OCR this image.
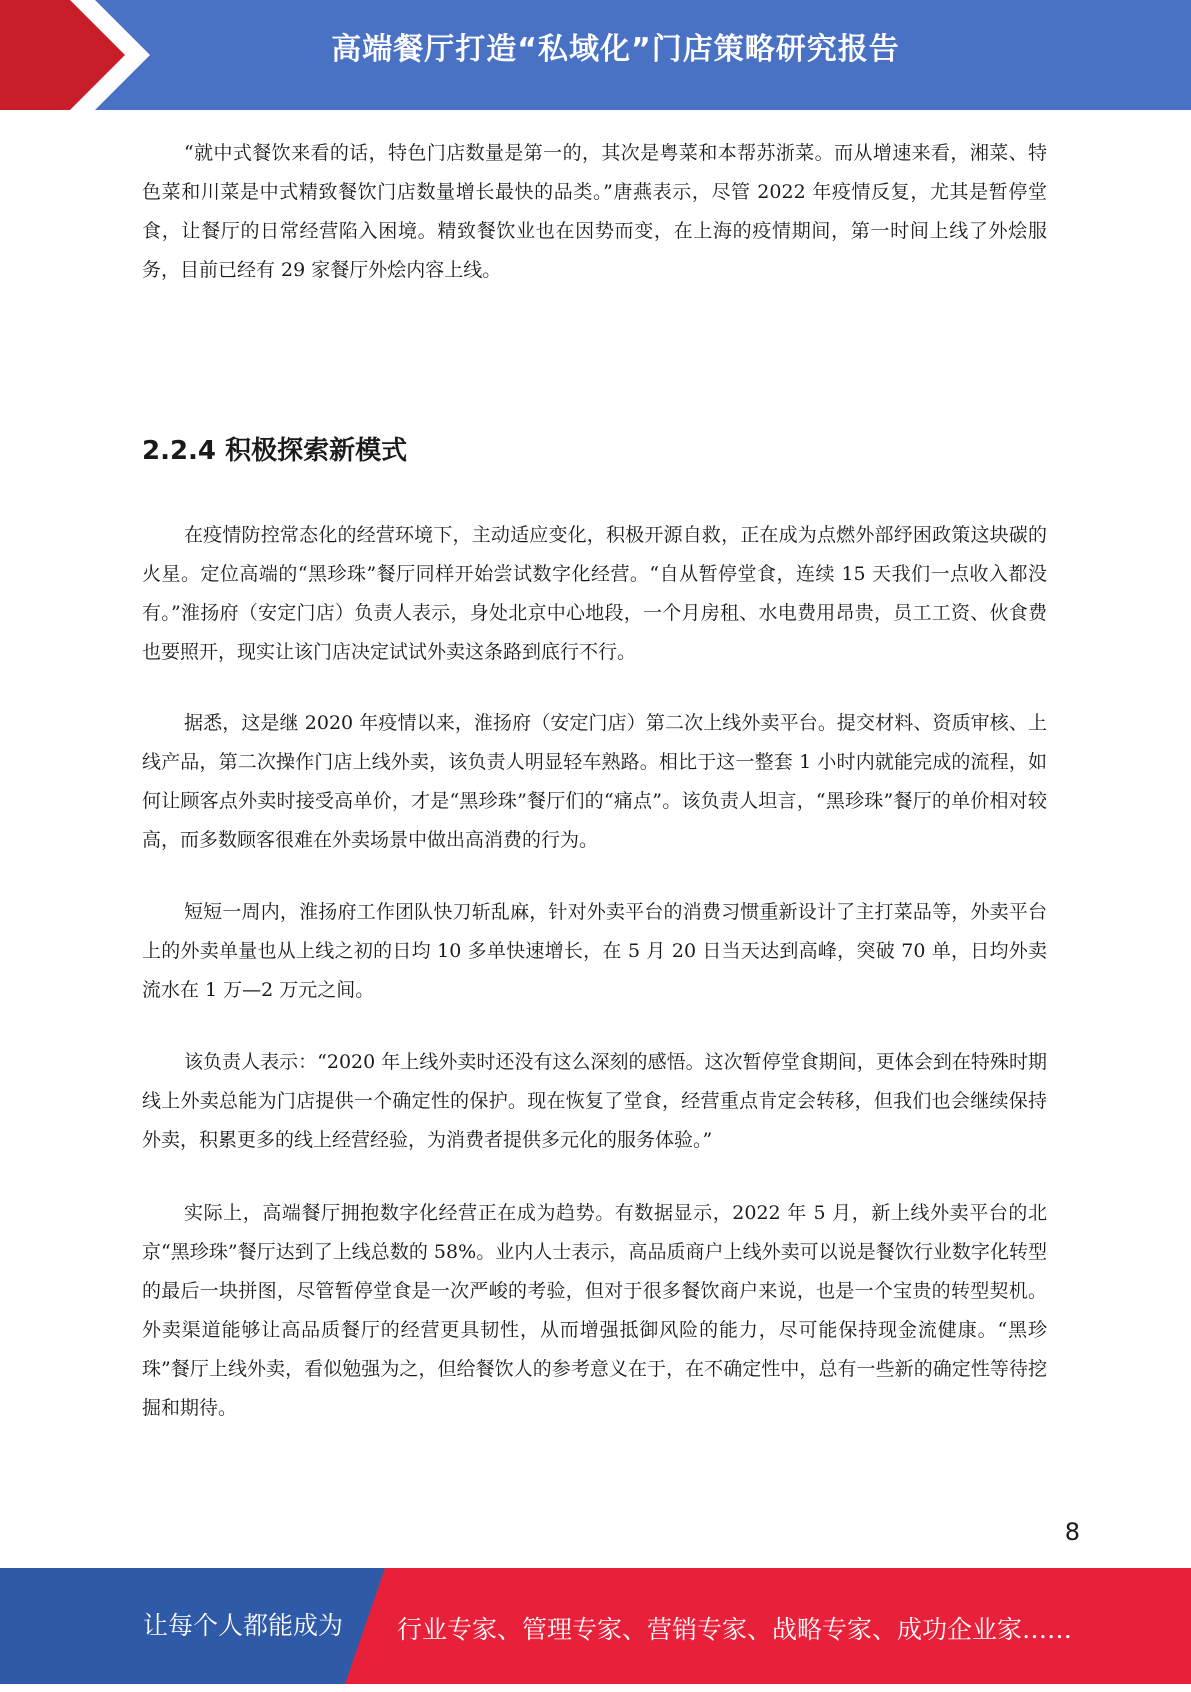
高端餐厅打造“私域化”门店策略研究报告

“就中式餐饮来看的话，特色门店数量是第一的，其次是粤菜和本帮苏浙菜。而从增速来看，湘菜、特色菜和川菜是中式精致餐饮门店数量增长最快的品类。”唐燕表示，尽管 2022 年疫情反复，尤其是暂停堂食，让餐厅的日常经营陷入困境。精致餐饮业也在因势而变，在上海的疫情期间，第一时间上线了外烩服务，目前已经有 29 家餐厅外烩内容上线。

2.2.4 积极探索新模式

在疫情防控常态化的经营环境下，主动适应变化，积极开源自救，正在成为点燃外部纾困政策这块碳的火星。定位高端的“黑珍珠”餐厅同样开始尝试数字化经营。“自从暂停堂食，连续 15 天我们一点收入都没有。”淮扬府（安定门店）负责人表示，身处北京中心地段，一个月房租、水电费用昂贵，员工工资、伙食费也要照开，现实让该门店决定试试外卖这条路到底行不行。

据悉，这是继 2020 年疫情以来，淮扬府（安定门店）第二次上线外卖平台。提交材料、资质审核、上线产品，第二次操作门店上线外卖，该负责人明显轻车熟路。相比于这一整套 1 小时内就能完成的流程，如何让顾客点外卖时接受高单价，才是“黑珍珠”餐厅们的“痛点”。该负责人坦言，“黑珍珠”餐厅的单价相对较高，而多数顾客很难在外卖场景中做出高消费的行为。

短短一周内，淮扬府工作团队快刀斩乱麻，针对外卖平台的消费习惯重新设计了主打菜品等，外卖平台上的外卖单量也从上线之初的日均 10 多单快速增长，在 5 月 20 日当天达到高峰，突破 70 单，日均外卖流水在 1 万—2 万元之间。

该负责人表示：“2020 年上线外卖时还没有这么深刻的感悟。这次暂停堂食期间，更体会到在特殊时期线上外卖总能为门店提供一个确定性的保护。现在恢复了堂食，经营重点肯定会转移，但我们也会继续保持外卖，积累更多的线上经营经验，为消费者提供多元化的服务体验。”

实际上，高端餐厅拥抱数字化经营正在成为趋势。有数据显示，2022 年 5 月，新上线外卖平台的北京“黑珍珠”餐厅达到了上线总数的 58%。业内人士表示，高品质商户上线外卖可以说是餐饮行业数字化转型的最后一块拼图，尽管暂停堂食是一次严峻的考验，但对于很多餐饮商户来说，也是一个宝贵的转型契机。外卖渠道能够让高品质餐厅的经营更具韧性，从而增强抵御风险的能力，尽可能保持现金流健康。“黑珍珠”餐厅上线外卖，看似勉强为之，但给餐饮人的参考意义在于，在不确定性中，总有一些新的确定性等待挖掘和期待。

8
让每个人都能成为 行业专家、管理专家、营销专家、战略专家、成功企业家……
